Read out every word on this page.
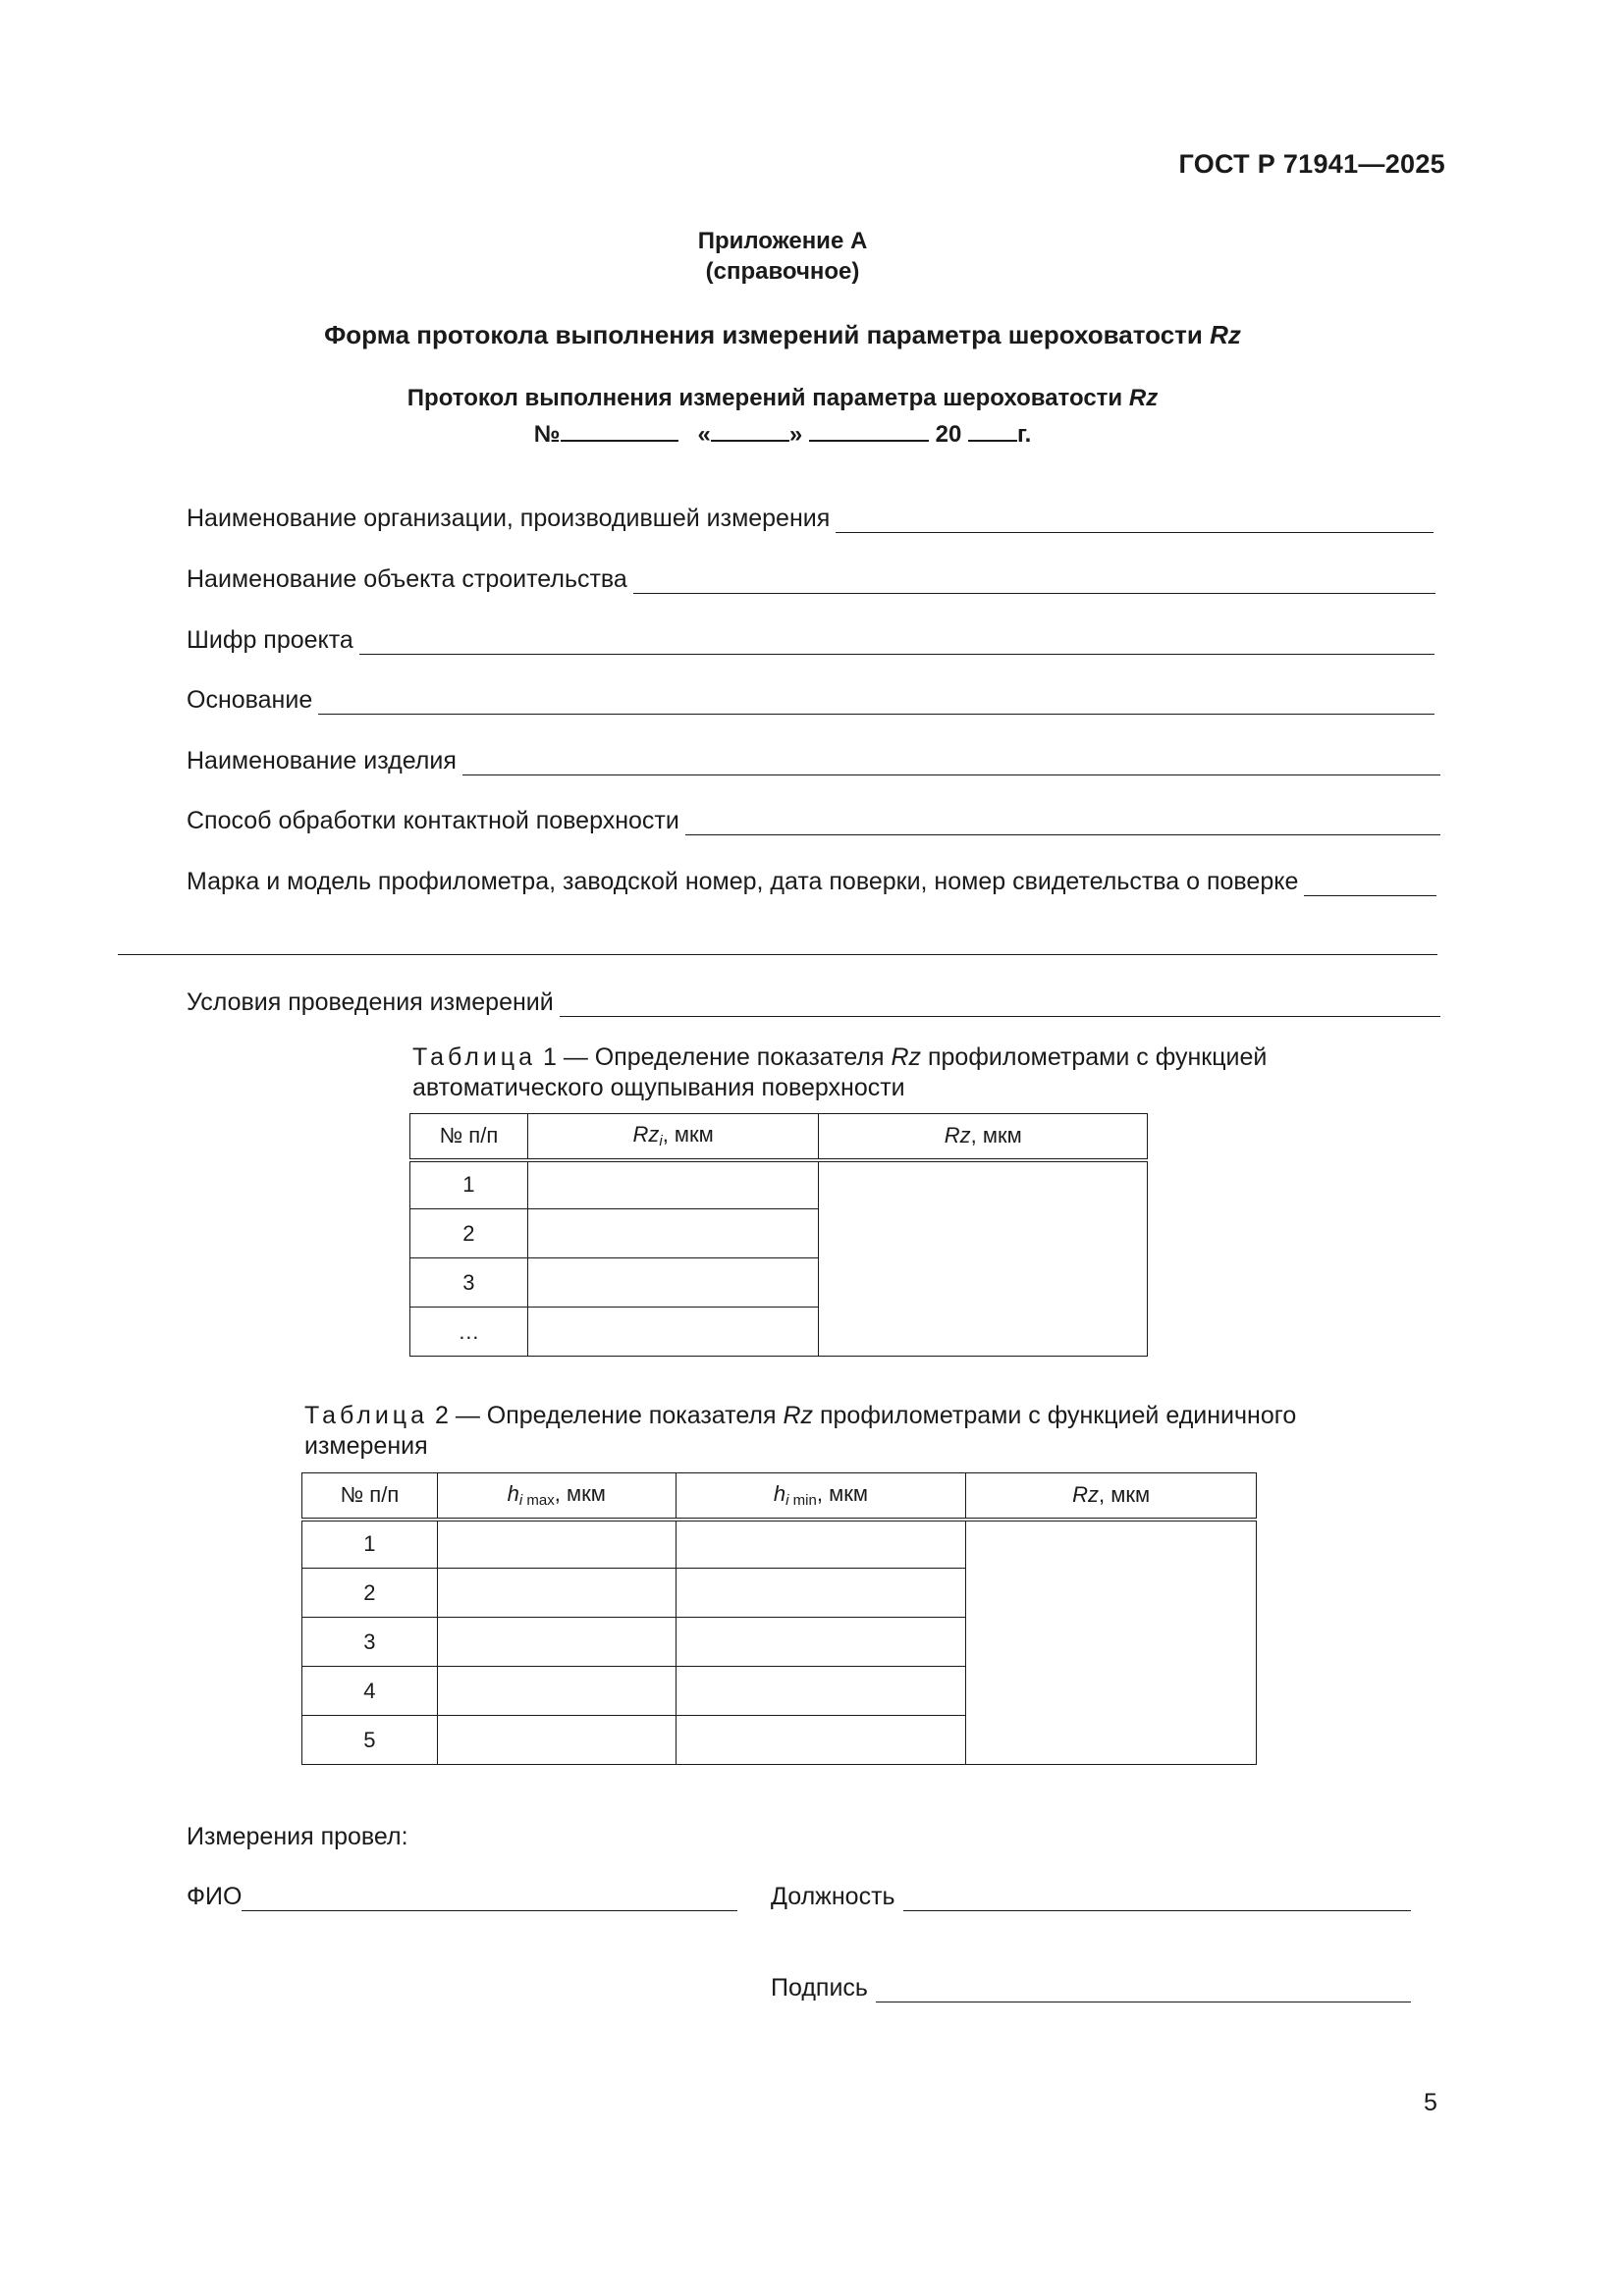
ГОСТ Р 71941—2025
Приложение А
(справочное)
Форма протокола выполнения измерений параметра шероховатости Rz
Протокол выполнения измерений параметра шероховатости Rz
№	«	»	20 г.
Наименование организации, производившей измерения
Наименование объекта строительства
Шифр проекта
Основание
Наименование изделия
Способ обработки контактной поверхности
Марка и модель профилометра, заводской номер, дата поверки, номер свидетельства о поверке
Условия проведения измерений
Таблица 1 — Определение показателя Rz профилометрами с функцией
автоматического ощупывания поверхности
№ п/п	$Rz_i$, мкм	Rz, мкм
1		
2		
3		
…		
Таблица 2 — Определение показателя Rz профилометрами с функцией единичного
измерения
№ п/п	$h_{i max}$, мкм	$h_{i min}$, мкм	Rz, мкм
1			
2			
3			
4			
5			
Измерения провел:
ФИО	Должность
Подпись
5
